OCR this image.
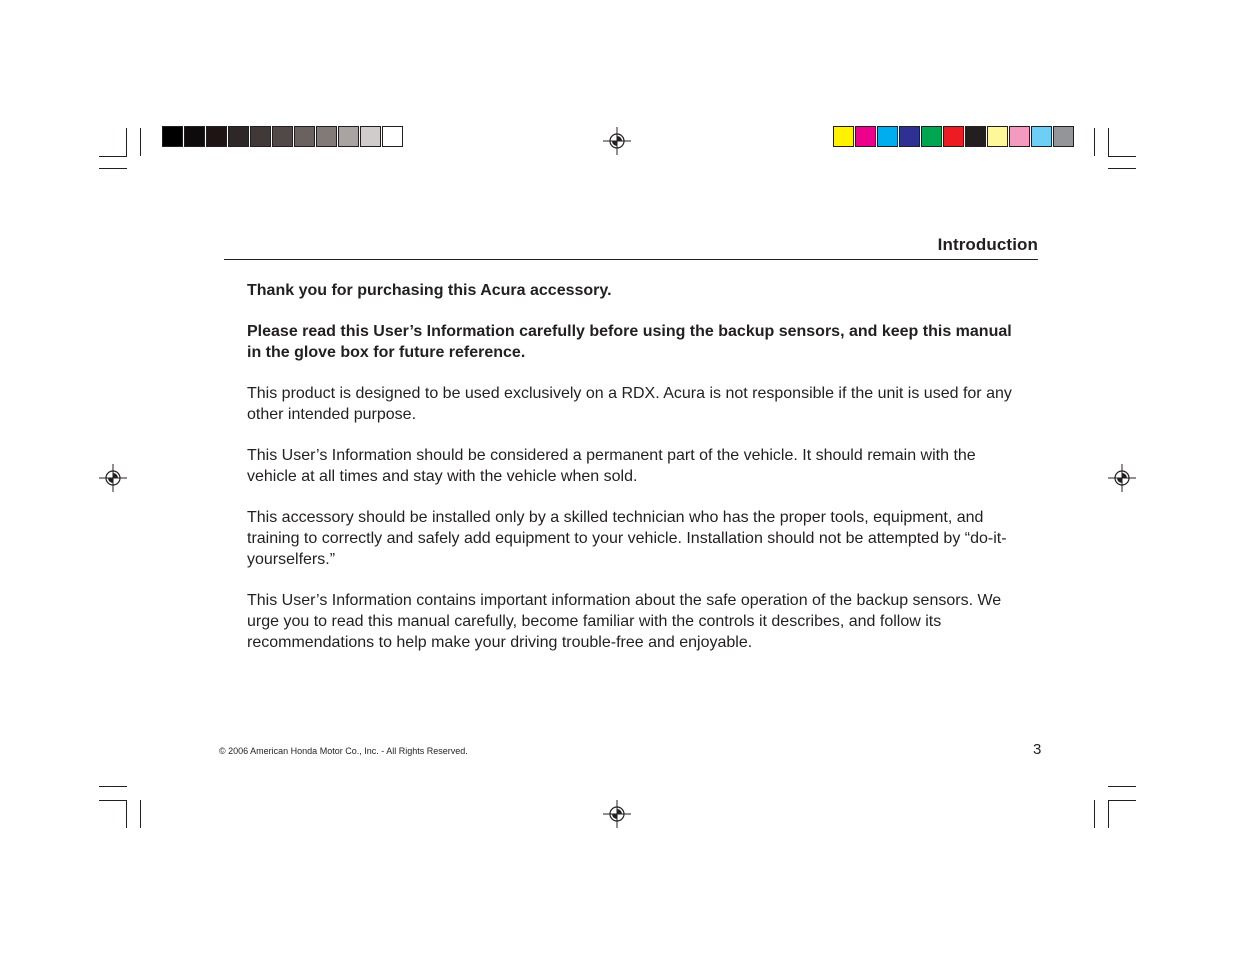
Introduction

Thank you for purchasing this Acura accessory.

Please read this User’s Information carefully before using the backup sensors, and keep this manual in the glove box for future reference.

This product is designed to be used exclusively on a RDX. Acura is not responsible if the unit is used for any other intended purpose.

This User’s Information should be considered a permanent part of the vehicle. It should remain with the vehicle at all times and stay with the vehicle when sold.

This accessory should be installed only by a skilled technician who has the proper tools, equipment, and training to correctly and safely add equipment to your vehicle. Installation should not be attempted by “do-it-yourselfers.”

This User’s Information contains important information about the safe operation of the backup sensors. We urge you to read this manual carefully, become familiar with the controls it describes, and follow its recommendations to help make your driving trouble-free and enjoyable.

© 2006 American Honda Motor Co., Inc. - All Rights Reserved.	3
